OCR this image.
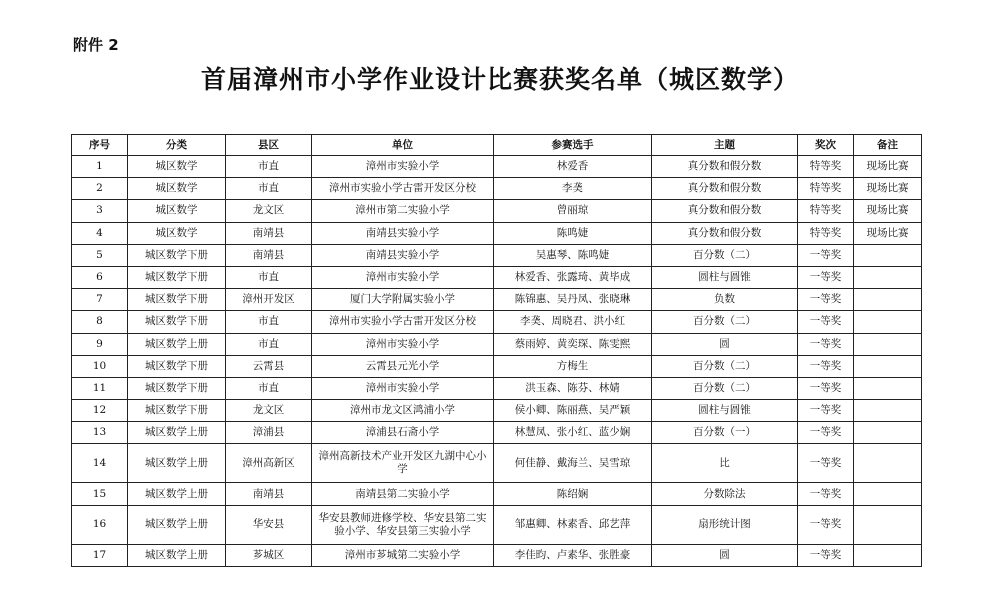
附件 2
首届漳州市小学作业设计比赛获奖名单（城区数学）
序号	分类	县区	单位	参赛选手	主题	奖次	备注
1	城区数学	市直	漳州市实验小学	林爱香	真分数和假分数	特等奖	现场比赛
2	城区数学	市直	漳州市实验小学古雷开发区分校	李䶮	真分数和假分数	特等奖	现场比赛
3	城区数学	龙文区	漳州市第二实验小学	曾丽琼	真分数和假分数	特等奖	现场比赛
4	城区数学	南靖县	南靖县实验小学	陈鸣婕	真分数和假分数	特等奖	现场比赛
5	城区数学下册	南靖县	南靖县实验小学	吴惠琴、陈鸣婕	百分数（二）	一等奖	
6	城区数学下册	市直	漳州市实验小学	林爱香、张露琦、黄毕成	圆柱与圆锥	一等奖	
7	城区数学下册	漳州开发区	厦门大学附属实验小学	陈锦惠、吴丹凤、张晓琳	负数	一等奖	
8	城区数学下册	市直	漳州市实验小学古雷开发区分校	李䶮、周晓君、洪小红	百分数（二）	一等奖	
9	城区数学上册	市直	漳州市实验小学	蔡雨婷、黄奕琛、陈雯熙	圆	一等奖	
10	城区数学下册	云霄县	云霄县元光小学	方梅生	百分数（二）	一等奖	
11	城区数学下册	市直	漳州市实验小学	洪玉森、陈芬、林婧	百分数（二）	一等奖	
12	城区数学下册	龙文区	漳州市龙文区鸿浦小学	侯小卿、陈丽燕、吴严颖	圆柱与圆锥	一等奖	
13	城区数学上册	漳浦县	漳浦县石斋小学	林慧凤、张小红、蓝少娴	百分数（一）	一等奖	
14	城区数学上册	漳州高新区	漳州高新技术产业开发区九湖中心小学	何佳静、戴海兰、吴雪琼	比	一等奖	
15	城区数学上册	南靖县	南靖县第二实验小学	陈绍娴	分数除法	一等奖	
16	城区数学上册	华安县	华安县教师进修学校、华安县第二实验小学、华安县第三实验小学	邹惠卿、林素香、邱艺萍	扇形统计图	一等奖	
17	城区数学上册	芗城区	漳州市芗城第二实验小学	李佳昀、卢素华、张胜豪	圆	一等奖	
